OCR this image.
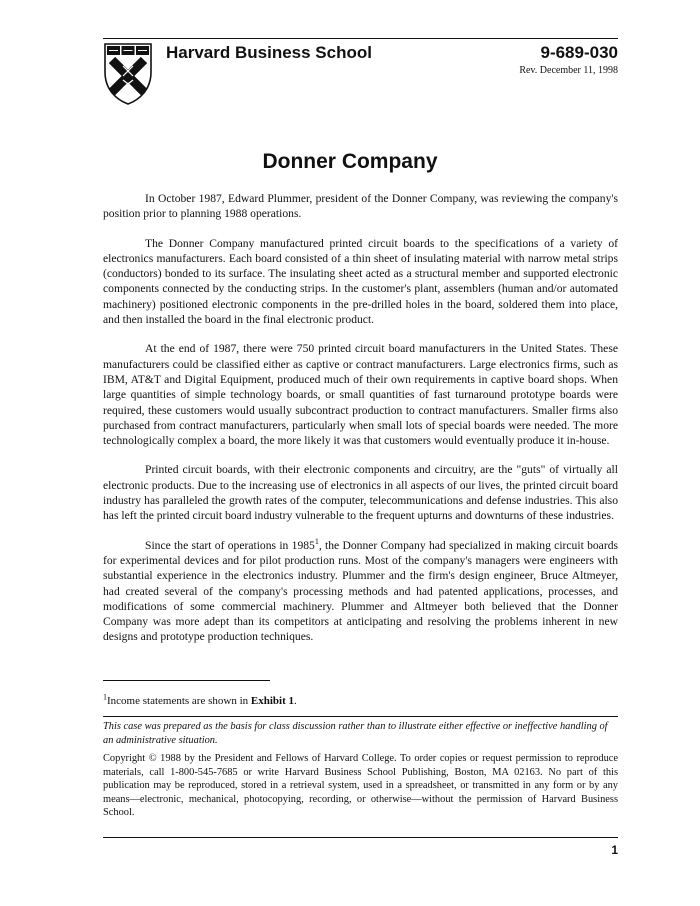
Harvard Business School	9-689-030
Rev. December 11, 1998
Donner Company

In October 1987, Edward Plummer, president of the Donner Company, was reviewing the company's position prior to planning 1988 operations.

The Donner Company manufactured printed circuit boards to the specifications of a variety of electronics manufacturers. Each board consisted of a thin sheet of insulating material with narrow metal strips (conductors) bonded to its surface. The insulating sheet acted as a structural member and supported electronic components connected by the conducting strips. In the customer's plant, assemblers (human and/or automated machinery) positioned electronic components in the pre-drilled holes in the board, soldered them into place, and then installed the board in the final electronic product.

At the end of 1987, there were 750 printed circuit board manufacturers in the United States. These manufacturers could be classified either as captive or contract manufacturers. Large electronics firms, such as IBM, AT&T and Digital Equipment, produced much of their own requirements in captive board shops. When large quantities of simple technology boards, or small quantities of fast turnaround prototype boards were required, these customers would usually subcontract production to contract manufacturers. Smaller firms also purchased from contract manufacturers, particularly when small lots of special boards were needed. The more technologically complex a board, the more likely it was that customers would eventually produce it in-house.

Printed circuit boards, with their electronic components and circuitry, are the "guts" of virtually all electronic products. Due to the increasing use of electronics in all aspects of our lives, the printed circuit board industry has paralleled the growth rates of the computer, telecommunications and defense industries. This also has left the printed circuit board industry vulnerable to the frequent upturns and downturns of these industries.

Since the start of operations in 1985$^1$, the Donner Company had specialized in making circuit boards for experimental devices and for pilot production runs. Most of the company's managers were engineers with substantial experience in the electronics industry. Plummer and the firm's design engineer, Bruce Altmeyer, had created several of the company's processing methods and had patented applications, processes, and modifications of some commercial machinery. Plummer and Altmeyer both believed that the Donner Company was more adept than its competitors at anticipating and resolving the problems inherent in new designs and prototype production techniques.

$^1$Income statements are shown in Exhibit 1.
This case was prepared as the basis for class discussion rather than to illustrate either effective or ineffective handling of an administrative situation.
Copyright © 1988 by the President and Fellows of Harvard College. To order copies or request permission to reproduce materials, call 1-800-545-7685 or write Harvard Business School Publishing, Boston, MA 02163. No part of this publication may be reproduced, stored in a retrieval system, used in a spreadsheet, or transmitted in any form or by any means—electronic, mechanical, photocopying, recording, or otherwise—without the permission of Harvard Business School.
1
